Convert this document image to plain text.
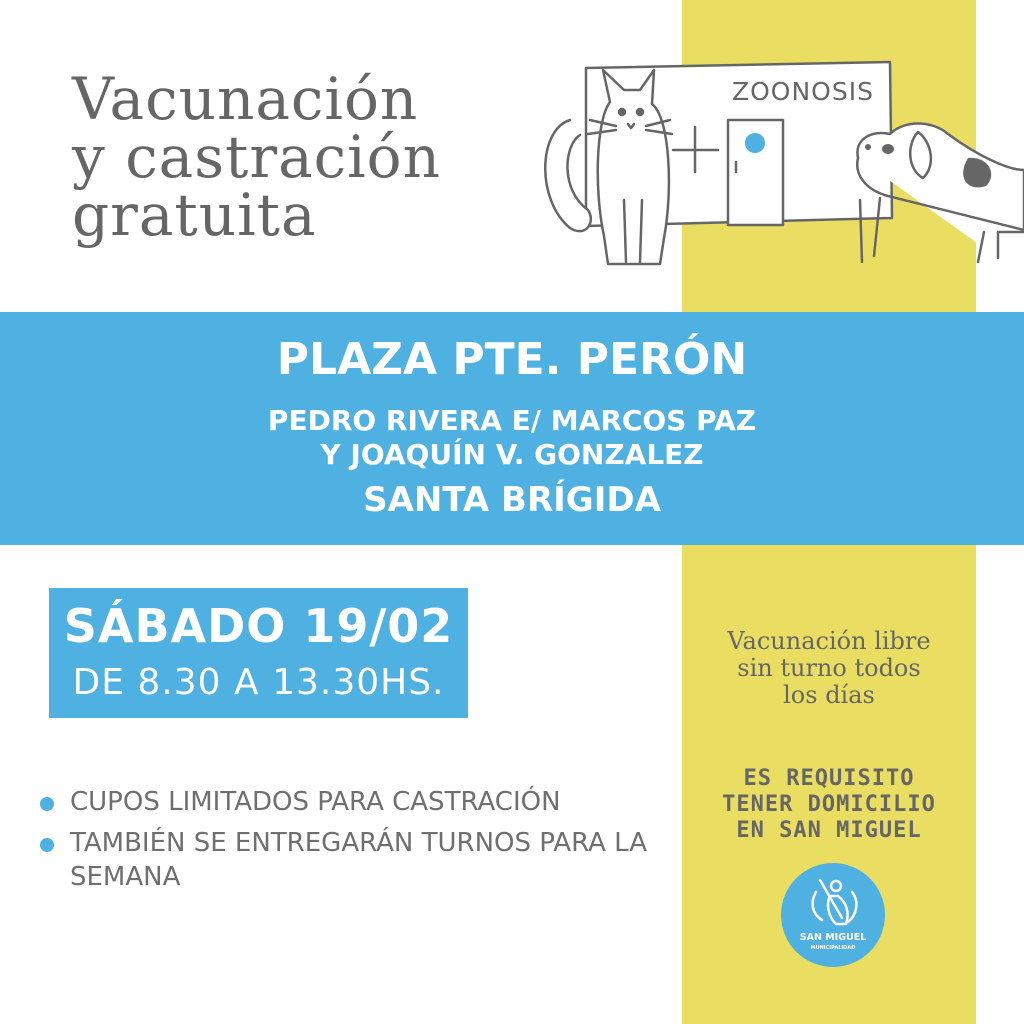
Vacunación
y castración
gratuita
ZOONOSIS
PLAZA PTE. PERÓN
PEDRO RIVERA E/ MARCOS PAZ
Y JOAQUÍN V. GONZALEZ
SANTA BRÍGIDA
SÁBADO 19/02
DE 8.30 A 13.30HS.
CUPOS LIMITADOS PARA CASTRACIÓN
TAMBIÉN SE ENTREGARÁN TURNOS PARA LA SEMANA
Vacunación libre
sin turno todos
los días
ES REQUISITO
TENER DOMICILIO
EN SAN MIGUEL
SAN MIGUEL
MUNICIPALIDAD
